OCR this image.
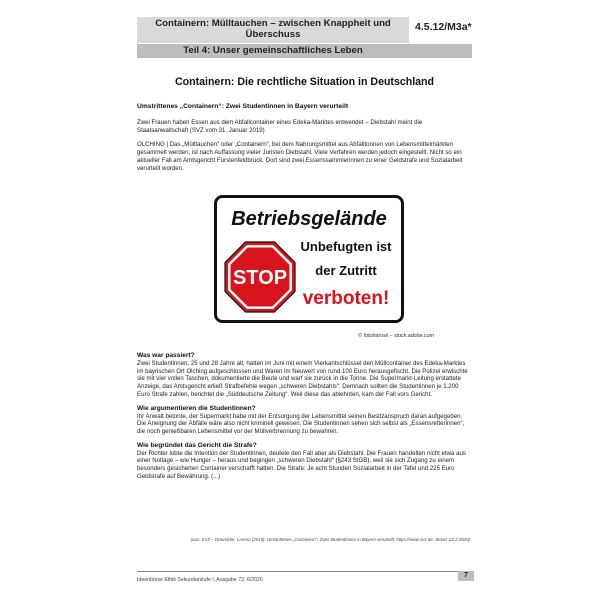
Containern: Mülltauchen – zwischen Knappheit und Überschuss
4.5.12/M3a*
Teil 4: Unser gemeinschaftliches Leben
Containern: Die rechtliche Situation in Deutschland
Umstrittenes „Containern“: Zwei Studentinnen in Bayern verurteilt
Zwei Frauen haben Essen aus dem Abfallcontainer eines Edeka-Marktes entwendet – Diebstahl meint die Staatsanwaltschaft (SVZ vom 31. Januar 2019)
OLCHING | Das „Mülltauchen“ oder „Containern“, bei dem Nahrungsmittel aus Abfalltonnen von Lebensmittelmärkten gesammelt werden, ist nach Auffassung vieler Juristen Diebstahl. Viele Verfahren werden jedoch eingestellt. Nicht so ein aktueller Fall am Amtsgericht Fürstenfeldbruck. Dort sind zwei Essenssammlerinnen zu einer Geldstrafe und Sozialarbeit verurteilt worden.
Betriebsgelände
STOP
Unbefugten ist
der Zutritt
verboten!
© fotohansel – stock.adobe.com
Was war passiert?

Zwei Studentinnen, 25 und 28 Jahre alt, hatten im Juni mit einem Vierkantschlüssel den Müllcontainer des Edeka-Marktes im bayrischen Ort Olching aufgeschlossen und Waren im Neuwert von rund 100 Euro herausgefischt. Die Polizei erwischte sie mit vier vollen Taschen, dokumentierte die Beute und warf sie zurück in die Tonne. Die Supermarkt-Leitung erstattete Anzeige, das Amtsgericht erließ Strafbefehle wegen „schweren Diebstahls“. Demnach sollten die Studentinnen je 1.200 Euro Strafe zahlen, berichtet die „Süddeutsche Zeitung“. Weil diese das ablehnten, kam der Fall vors Gericht.

Wie argumentieren die Studentinnen?

Ihr Anwalt betonte, der Supermarkt habe mit der Entsorgung der Lebensmittel seinen Besitzanspruch daran aufgegeben. Die Aneignung der Abfälle wäre also nicht kriminell gewesen. Die Studentinnen sehen sich selbst als „Essensretterinnen“, die noch genießbaren Lebensmittel vor der Müllverbrennung zu bewahren.

Wie begründet das Gericht die Strafe?

Der Richter lobte die Intention der Studentinnen, deutete den Fall aber als Diebstahl. Die Frauen handelten nicht etwa aus einer Notlage – wie Hunger – heraus und begingen „schweren Diebstahl“ (§243 StGB), weil sie sich Zugang zu einem besonders gesicherten Container verschafft hatten. Die Strafe: Je acht Stunden Sozialarbeit in der Tafel und 225 Euro Geldstrafe auf Bewährung. (...)

(aus: SVZ – Dreusicke, Lorena (2019): Umstrittenes „Containern“: Zwei Studentinnen in Bayern verurteilt; https://www.svz.de; Stand: 22.2.2020)
Ideenbörse Ethik Sekundarstufe I, Ausgabe 72, 6/2020
7
